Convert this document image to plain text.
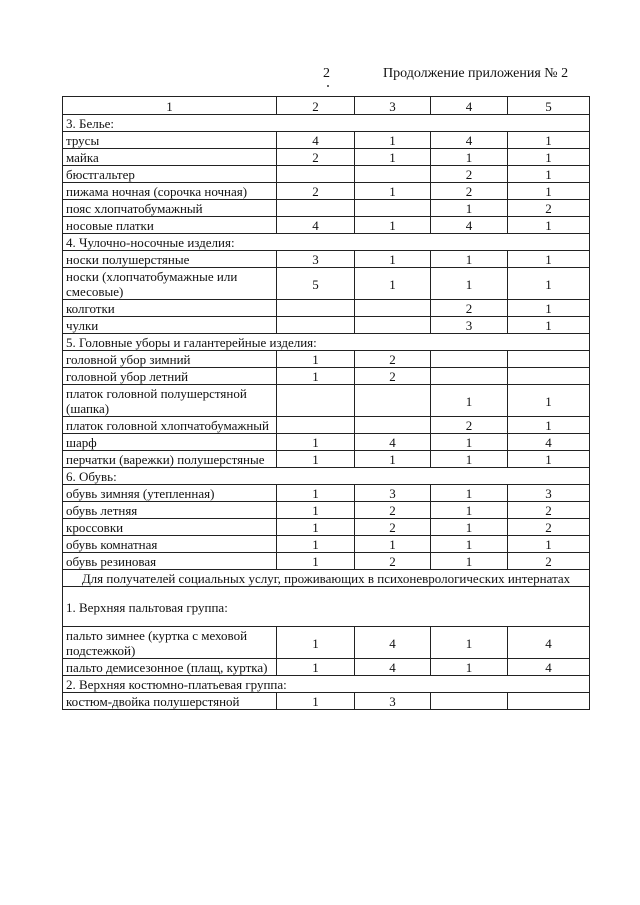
2	Продолжение приложения № 2
1	2	3	4	5
3. Белье:				
трусы	4	1	4	1
майка	2	1	1	1
бюстгальтер			2	1
пижама ночная (сорочка ночная)	2	1	2	1
пояс хлопчатобумажный			1	2
носовые платки	4	1	4	1
4. Чулочно-носочные изделия:				
носки полушерстяные	3	1	1	1
носки (хлопчатобумажные или смесовые)	5	1	1	1
колготки			2	1
чулки			3	1
5. Головные уборы и галантерейные изделия:				
головной убор зимний	1	2		
головной убор летний	1	2		
платок головной полушерстяной (шапка)			1	1
платок головной хлопчатобумажный			2	1
шарф	1	4	1	4
перчатки (варежки) полушерстяные	1	1	1	1
6. Обувь:				
обувь зимняя (утепленная)	1	3	1	3
обувь летняя	1	2	1	2
кроссовки	1	2	1	2
обувь комнатная	1	1	1	1
обувь резиновая	1	2	1	2
Для получателей социальных услуг, проживающих в психоневрологических интернатах				
1. Верхняя пальтовая группа:				
пальто зимнее (куртка с меховой подстежкой)	1	4	1	4
пальто демисезонное (плащ, куртка)	1	4	1	4
2. Верхняя костюмно-платьевая группа:				
костюм-двойка полушерстяной	1	3		
